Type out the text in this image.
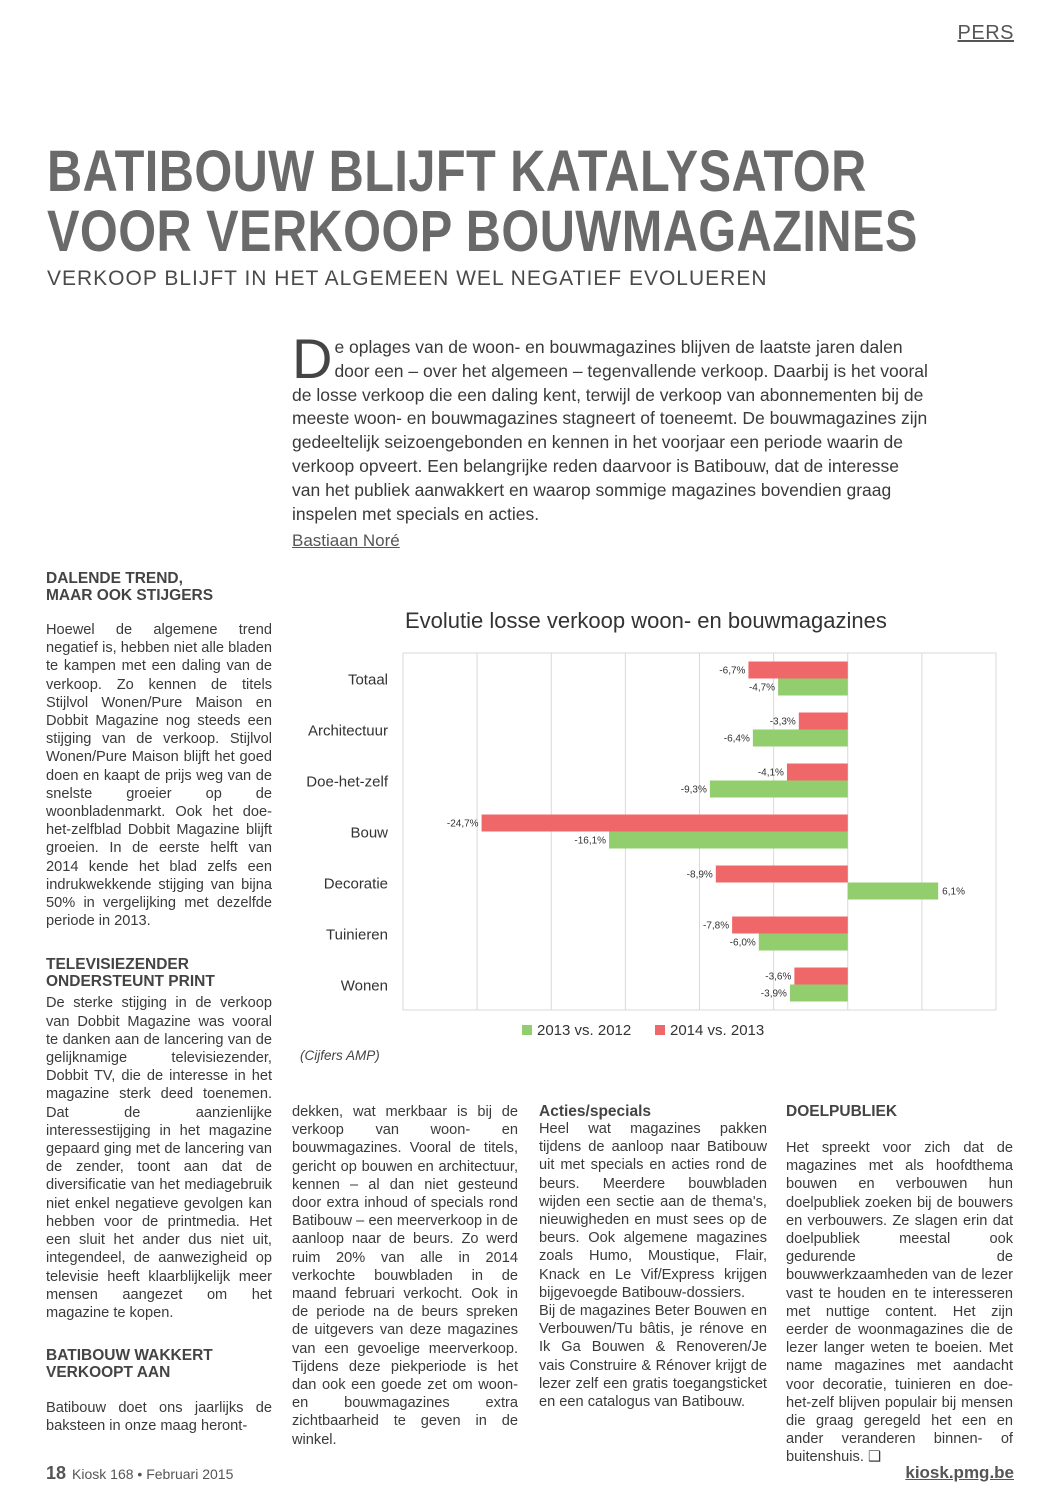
PERS
BATIBOUW BLIJFT KATALYSATOR
VOOR VERKOOP BOUWMAGAZINES
VERKOOP BLIJFT IN HET ALGEMEEN WEL NEGATIEF EVOLUEREN
De oplages van de woon- en bouwmagazines blijven de laatste jaren dalen door een – over het algemeen – tegenvallende verkoop. Daarbij is het vooral de losse verkoop die een daling kent, terwijl de verkoop van abonnementen bij de meeste woon- en bouwmagazines stagneert of toeneemt. De bouwmagazines zijn gedeeltelijk seizoengebonden en kennen in het voorjaar een periode waarin de verkoop opveert. Een belangrijke reden daarvoor is Batibouw, dat de interesse van het publiek aanwakkert en waarop sommige magazines bovendien graag inspelen met specials en acties.
Bastiaan Noré
DALENDE TREND, MAAR OOK STIJGERS

Hoewel de algemene trend negatief is, hebben niet alle bladen te kampen met een daling van de verkoop. Zo kennen de titels Stijlvol Wonen/Pure Maison en Dobbit Magazine nog steeds een stijging van de verkoop. Stijlvol Wonen/Pure Maison blijft het goed doen en kaapt de prijs weg van de snelste groeier op de woonbladenmarkt. Ook het doe-het-zelfblad Dobbit Magazine blijft groeien. In de eerste helft van 2014 kende het blad zelfs een indrukwekkende stijging van bijna 50% in vergelijking met dezelfde periode in 2013.

TELEVISIEZENDER ONDERSTEUNT PRINT

De sterke stijging in de verkoop van Dobbit Magazine was vooral te danken aan de lancering van de gelijknamige televisiezender, Dobbit TV, die de interesse in het magazine sterk deed toenemen. Dat de aanzienlijke interessestijging in het magazine gepaard ging met de lancering van de zender, toont aan dat de diversificatie van het mediagebruik niet enkel negatieve gevolgen kan hebben voor de printmedia. Het een sluit het ander dus niet uit, integendeel, de aanwezigheid op televisie heeft klaarblijkelijk meer mensen aangezet om het magazine te kopen.

BATIBOUW WAKKERT VERKOOPT AAN

Batibouw doet ons jaarlijks de baksteen in onze maag heront-

Evolutie losse verkoop woon- en bouwmagazines
Totaal
-6,7%
-4,7%
Architectuur
-3,3%
-6,4%
Doe-het-zelf
-4,1%
-9,3%
Bouw
-24,7%
-16,1%
Decoratie
-8,9%
6,1%
Tuinieren
-7,8%
-6,0%
Wonen
-3,6%
-3,9%
2013 vs. 2012	2014 vs. 2013
(Cijfers AMP)

dekken, wat merkbaar is bij de verkoop van woon- en bouwmagazines. Vooral de titels, gericht op bouwen en architectuur, kennen – al dan niet gesteund door extra inhoud of specials rond Batibouw – een meerverkoop in de aanloop naar de beurs. Zo werd ruim 20% van alle in 2014 verkochte bouwbladen in de maand februari verkocht. Ook in de periode na de beurs spreken de uitgevers van deze magazines van een gevoelige meerverkoop. Tijdens deze piekperiode is het dan ook een goede zet om woon- en bouwmagazines extra zichtbaarheid te geven in de winkel.

Acties/specials

Heel wat magazines pakken tijdens de aanloop naar Batibouw uit met specials en acties rond de beurs. Meerdere bouwbladen wijden een sectie aan de thema's, nieuwigheden en must sees op de beurs. Ook algemene magazines zoals Humo, Moustique, Flair, Knack en Le Vif/Express krijgen bijgevoegde Batibouw-dossiers.

Bij de magazines Beter Bouwen en Verbouwen/Tu bâtis, je rénove en Ik Ga Bouwen & Renoveren/Je vais Construire & Rénover krijgt de lezer zelf een gratis toegangsticket en een catalogus van Batibouw.

DOELPUBLIEK

Het spreekt voor zich dat de magazines met als hoofdthema bouwen en verbouwen hun doelpubliek zoeken bij de bouwers en verbouwers. Ze slagen erin dat doelpubliek meestal ook gedurende de bouwwerkzaamheden van de lezer vast te houden en te interesseren met nuttige content. Het zijn eerder de woonmagazines die de lezer langer weten te boeien. Met name magazines met aandacht voor decoratie, tuinieren en doe-het-zelf blijven populair bij mensen die graag geregeld het een en ander veranderen binnen- of buitenshuis. ❑

18 Kiosk 168 • Februari 2015	kiosk.pmg.be
